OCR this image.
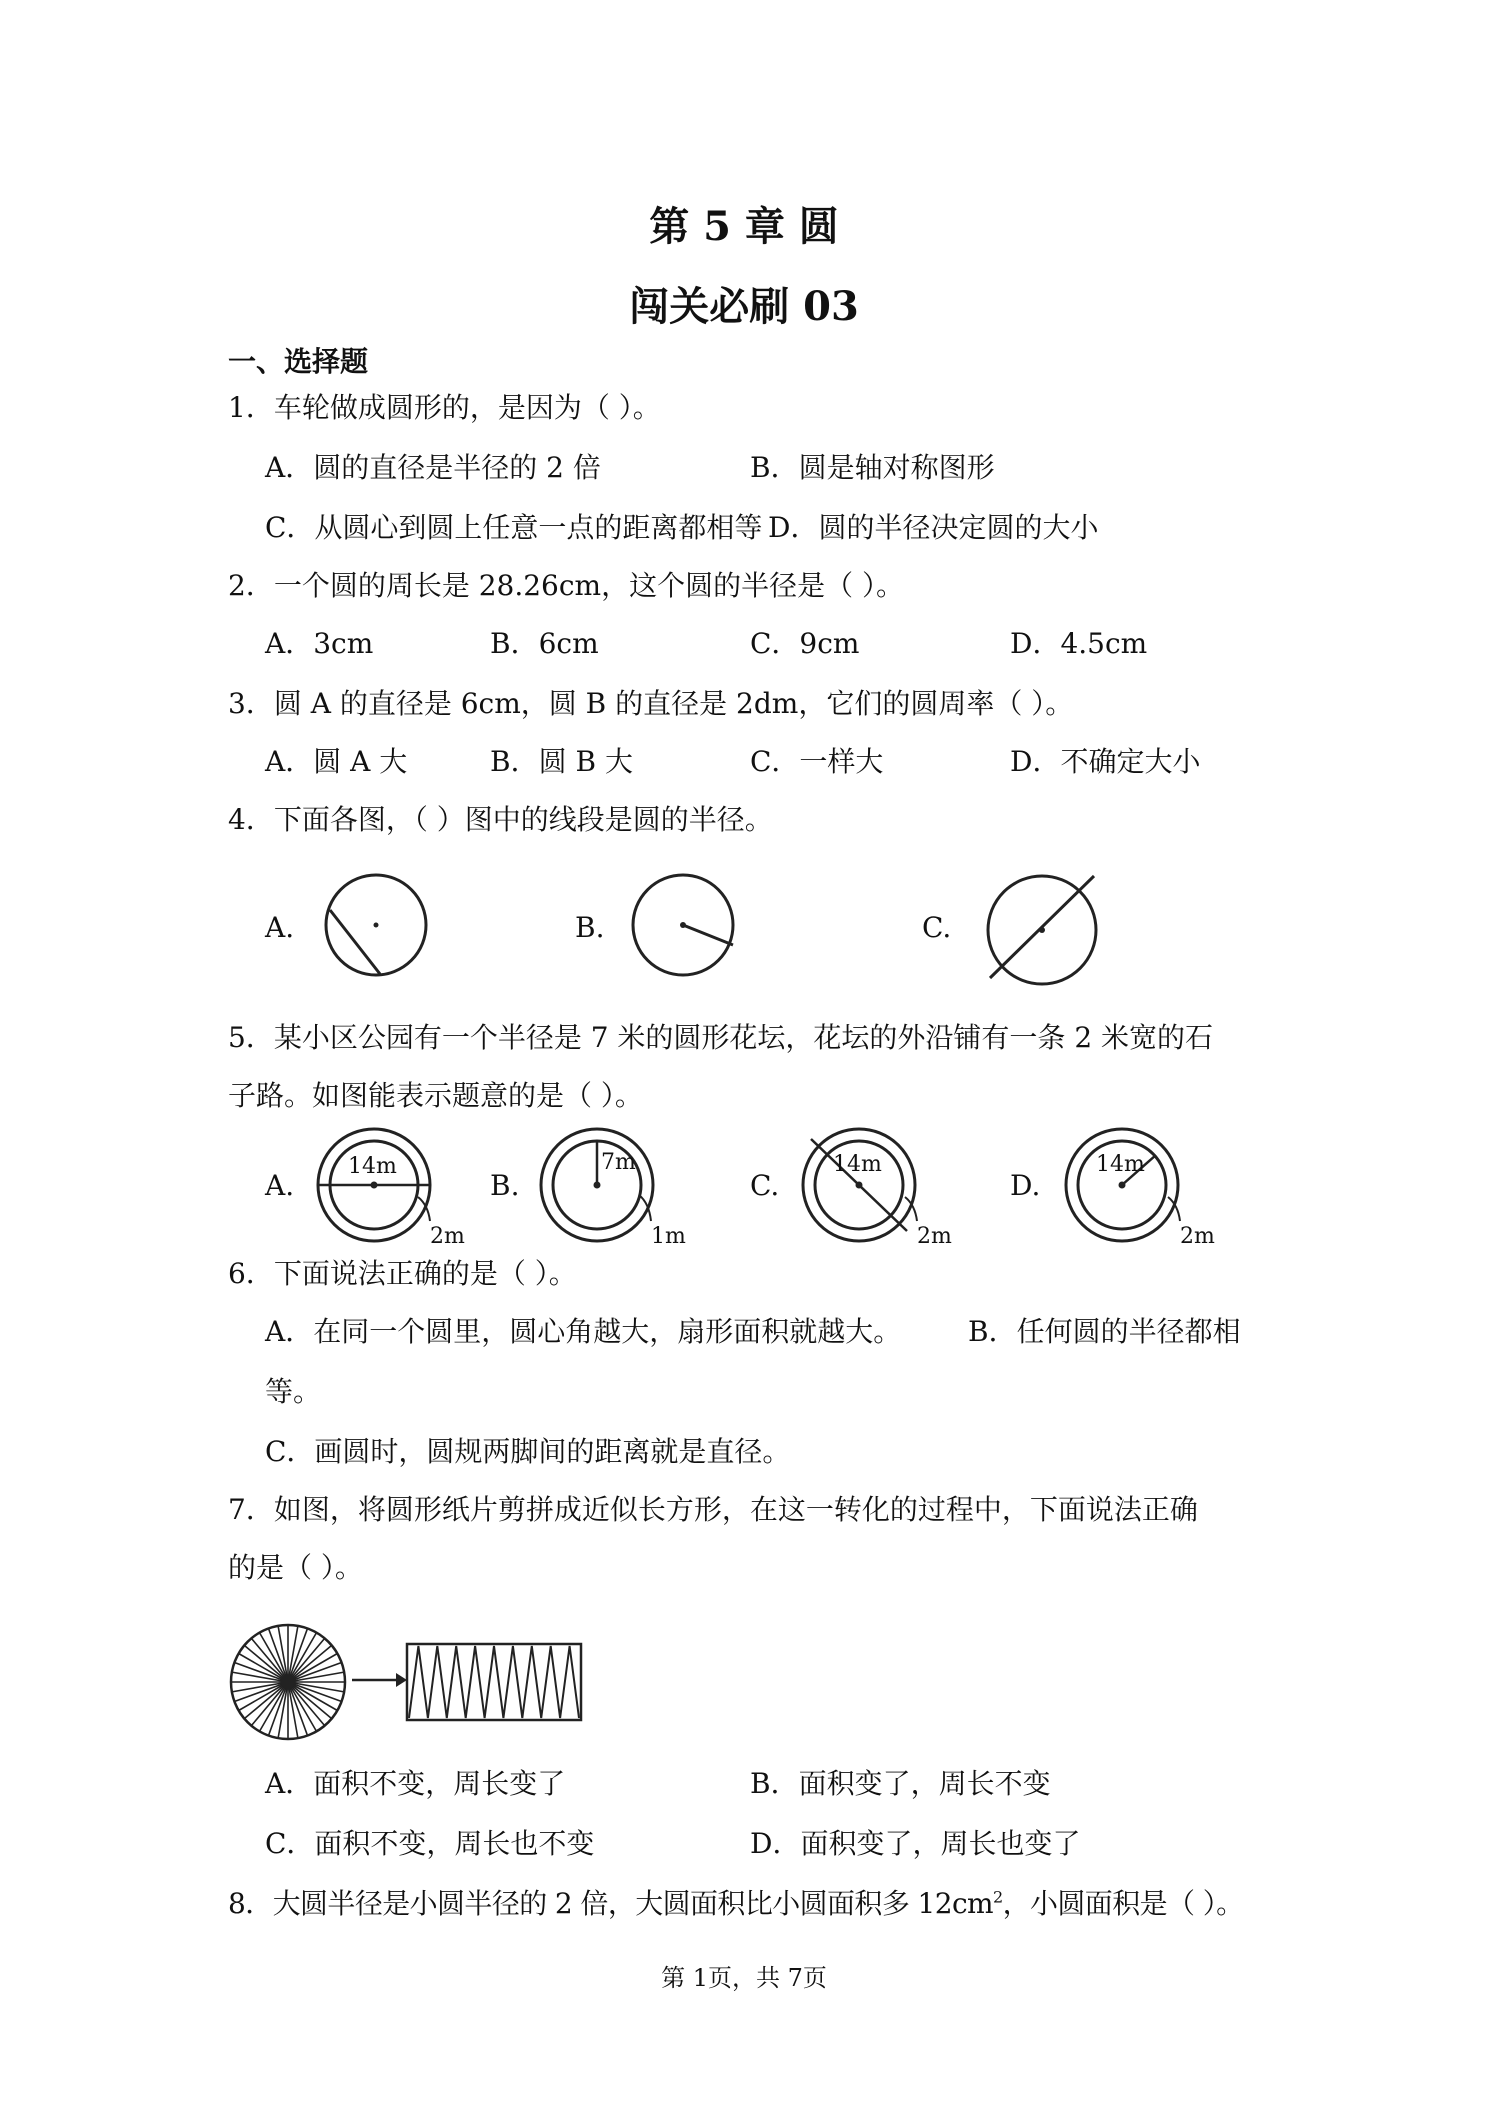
第 5 章 圆
闯关必刷 03
一、选择题
1．车轮做成圆形的，是因为（ ）。
A．圆的直径是半径的 2 倍	B．圆是轴对称图形
C．从圆心到圆上任意一点的距离都相等 D．圆的半径决定圆的大小
2．一个圆的周长是 28.26cm，这个圆的半径是（ ）。
A．3cm	B．6cm	C．9cm	D．4.5cm
3．圆 A 的直径是 6cm，圆 B 的直径是 2dm，它们的圆周率（ ）。
A．圆 A 大	B．圆 B 大	C．一样大	D．不确定大小
4．下面各图，（ ）图中的线段是圆的半径。
A.	B.	C.
5．某小区公园有一个半径是 7 米的圆形花坛，花坛的外沿铺有一条 2 米宽的石
子路。如图能表示题意的是（ ）。
A.	B.	C.	D.
14m
2m
7m
1m
14m
2m
14m
2m
6．下面说法正确的是（ ）。
A．在同一个圆里，圆心角越大，扇形面积就越大。 B．任何圆的半径都相
等。
C．画圆时，圆规两脚间的距离就是直径。
7．如图，将圆形纸片剪拼成近似长方形，在这一转化的过程中，下面说法正确
的是（ ）。
A．面积不变，周长变了	B．面积变了，周长不变
C．面积不变，周长也不变	D．面积变了，周长也变了
8．大圆半径是小圆半径的 2 倍，大圆面积比小圆面积多 $12cm^2$，小圆面积是（ ）。
第 1页，共 7页
